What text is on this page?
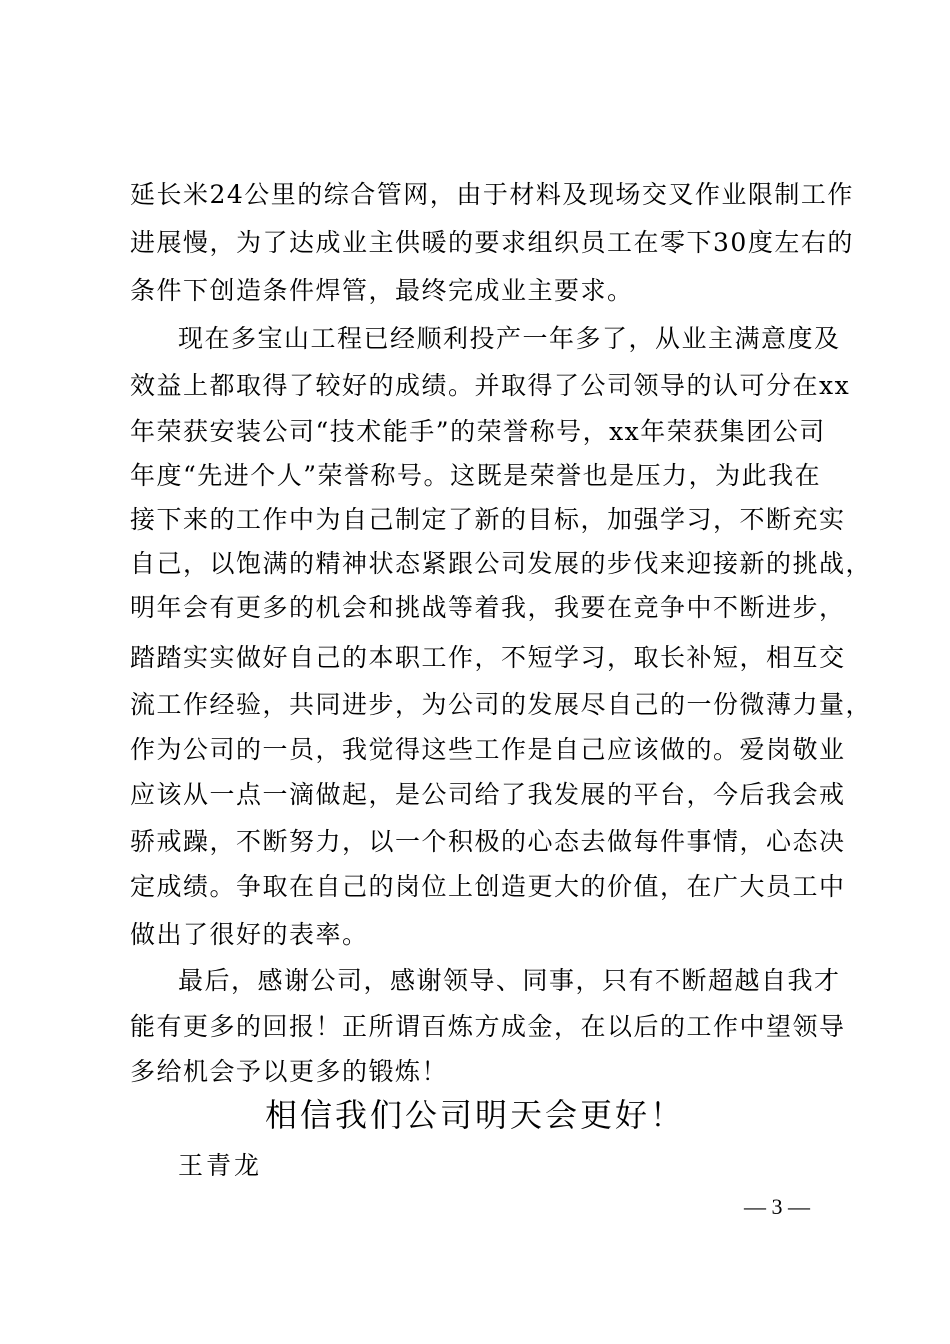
延长米24公里的综合管网，由于材料及现场交叉作业限制工作
进展慢，为了达成业主供暖的要求组织员工在零下30度左右的
条件下创造条件焊管，最终完成业主要求。
现在多宝山工程已经顺利投产一年多了，从业主满意度及
效益上都取得了较好的成绩。并取得了公司领导的认可分在xx
年荣获安装公司“技术能手”的荣誉称号，xx年荣获集团公司
年度“先进个人”荣誉称号。这既是荣誉也是压力，为此我在
接下来的工作中为自己制定了新的目标，加强学习，不断充实
自己，以饱满的精神状态紧跟公司发展的步伐来迎接新的挑战，
明年会有更多的机会和挑战等着我，我要在竞争中不断进步，
踏踏实实做好自己的本职工作，不短学习，取长补短，相互交
流工作经验，共同进步，为公司的发展尽自己的一份微薄力量，
作为公司的一员，我觉得这些工作是自己应该做的。爱岗敬业
应该从一点一滴做起，是公司给了我发展的平台，今后我会戒
骄戒躁，不断努力，以一个积极的心态去做每件事情，心态决
定成绩。争取在自己的岗位上创造更大的价值，在广大员工中
做出了很好的表率。
最后，感谢公司，感谢领导、同事，只有不断超越自我才
能有更多的回报！正所谓百炼方成金，在以后的工作中望领导
多给机会予以更多的锻炼！
相信我们公司明天会更好！
王青龙
— 3 —
